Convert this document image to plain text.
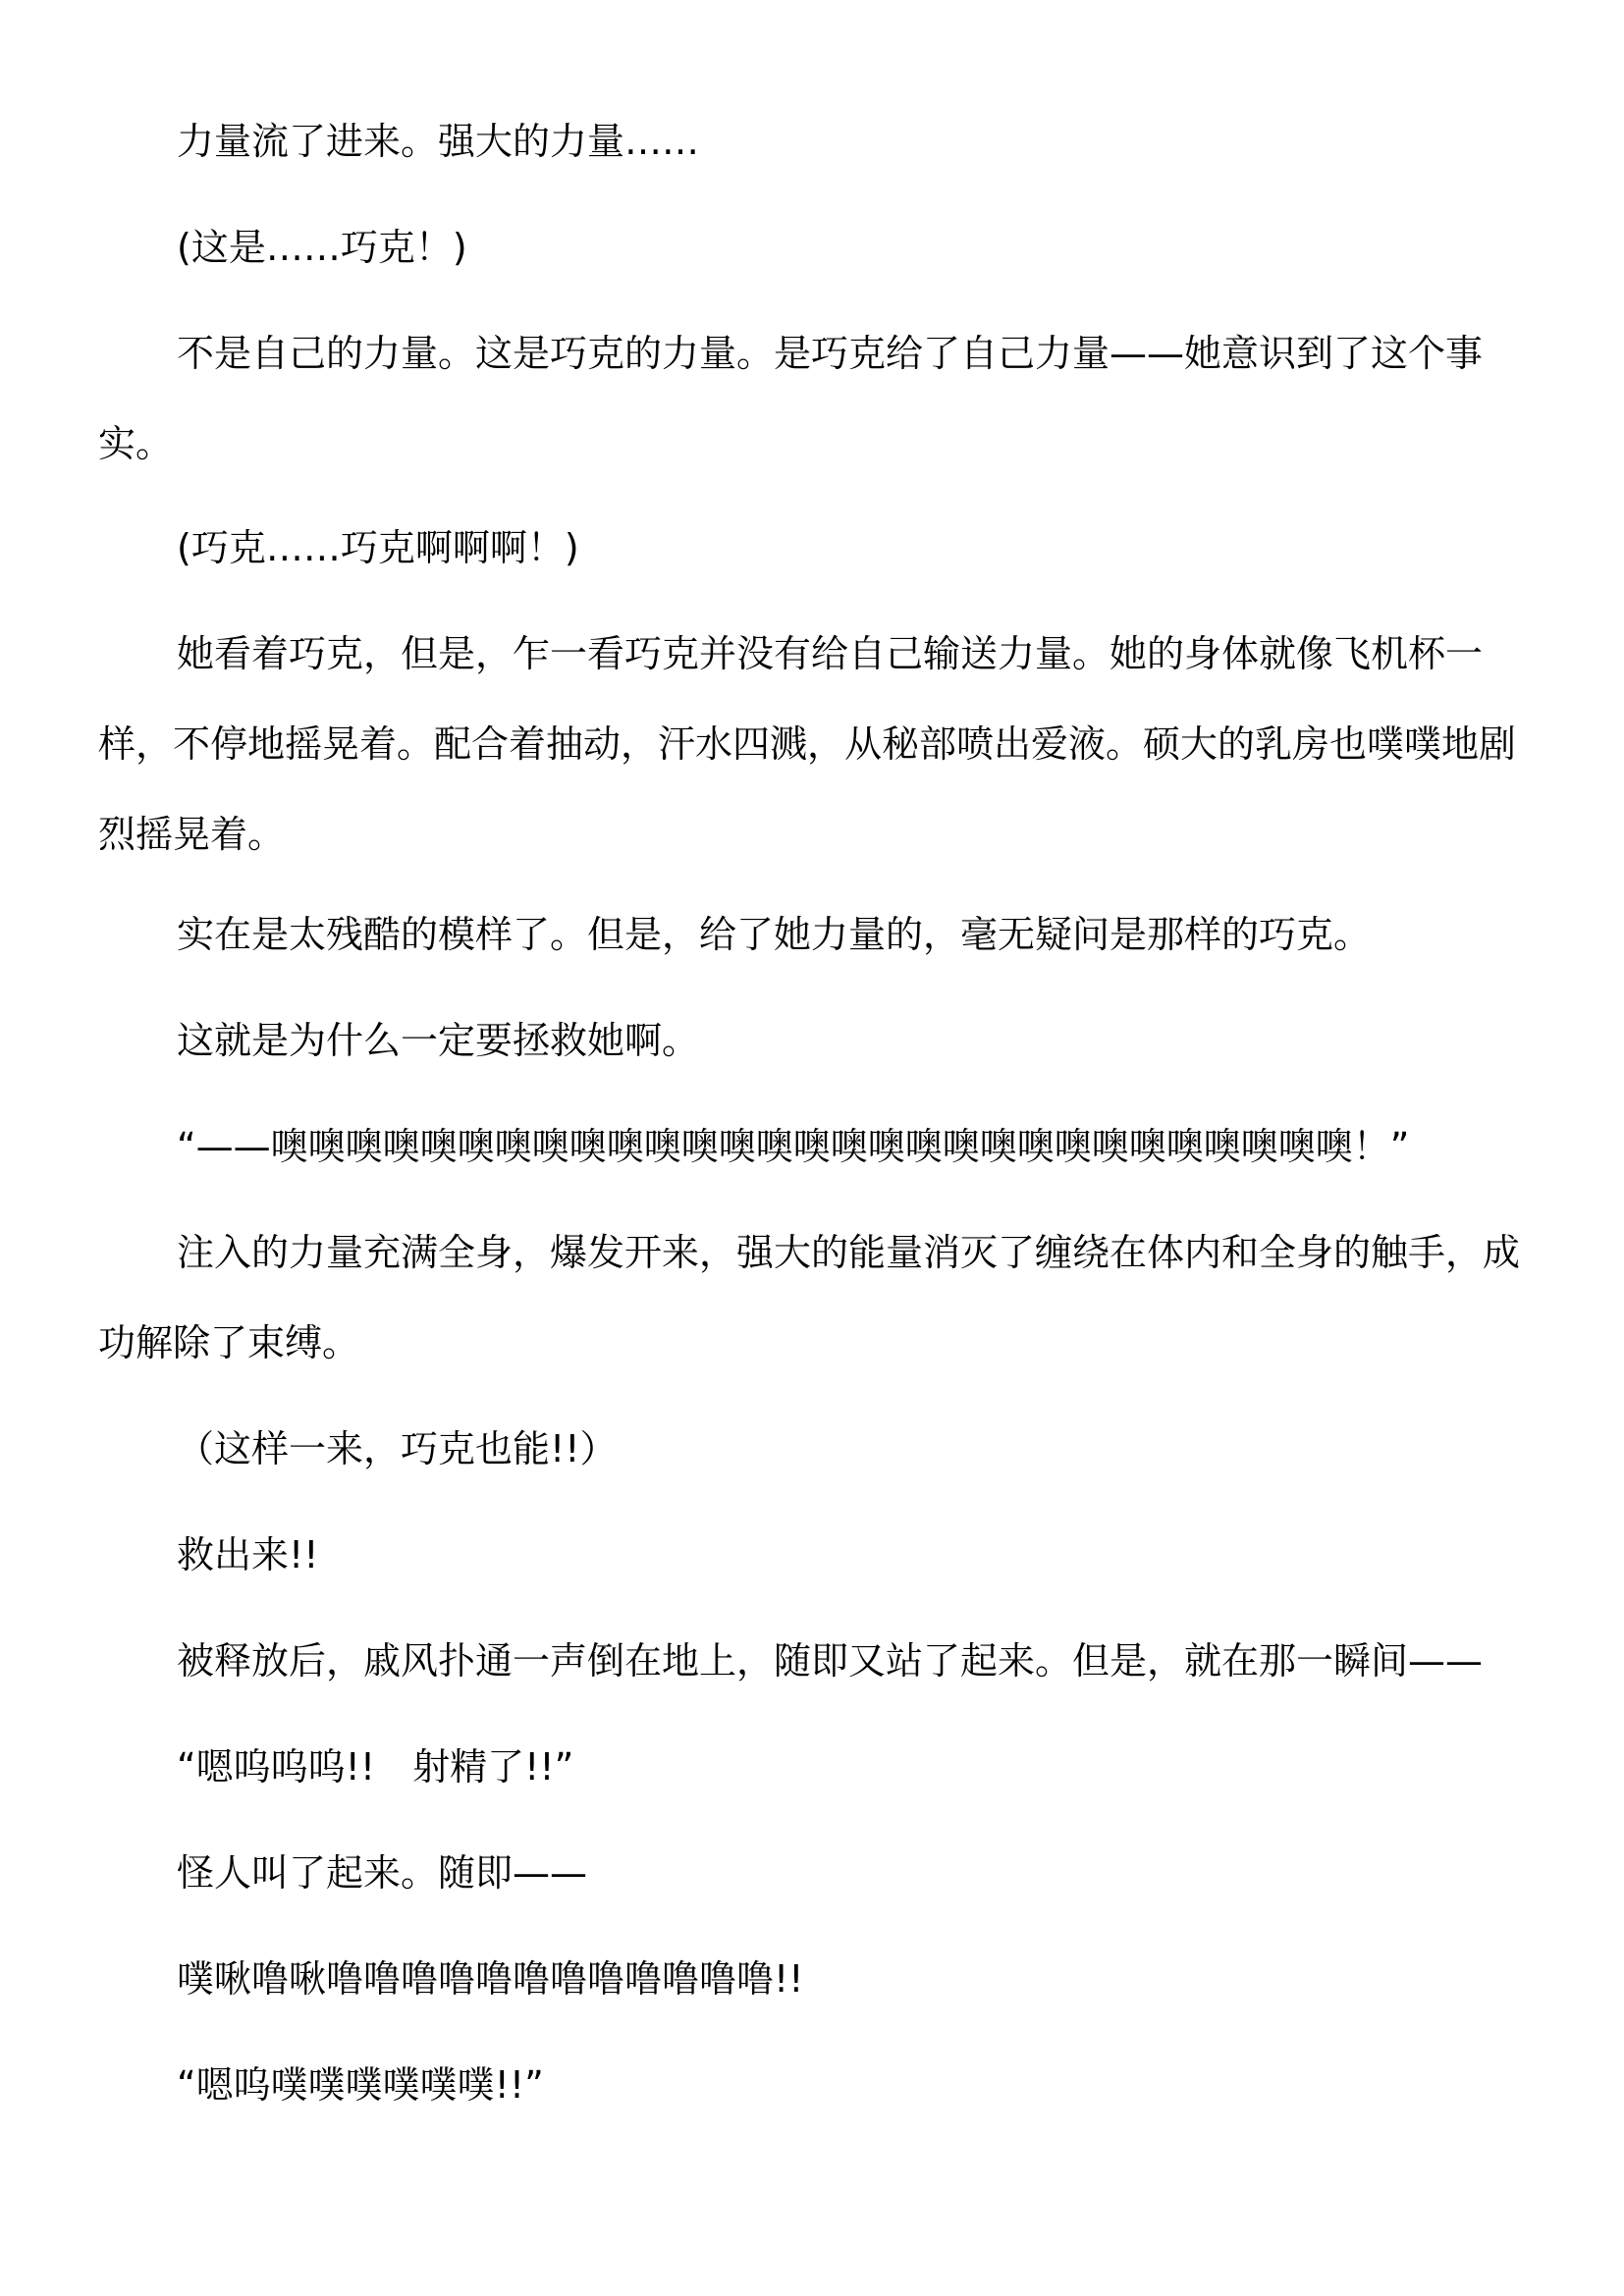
力量流了进来。强大的力量……

(这是……巧克！)

不是自己的力量。这是巧克的力量。是巧克给了自己力量——她意识到了这个事实。

(巧克……巧克啊啊啊！)

她看着巧克，但是，乍一看巧克并没有给自己输送力量。她的身体就像飞机杯一样，不停地摇晃着。配合着抽动，汗水四溅，从秘部喷出爱液。硕大的乳房也噗噗地剧烈摇晃着。

实在是太残酷的模样了。但是，给了她力量的，毫无疑问是那样的巧克。

这就是为什么一定要拯救她啊。

“——噢噢噢噢噢噢噢噢噢噢噢噢噢噢噢噢噢噢噢噢噢噢噢噢噢噢噢噢噢！”

注入的力量充满全身，爆发开来，强大的能量消灭了缠绕在体内和全身的触手，成功解除了束缚。

（这样一来，巧克也能!!）

救出来!!

被释放后，戚风扑通一声倒在地上，随即又站了起来。但是，就在那一瞬间——

“嗯呜呜呜!!　射精了!!”

怪人叫了起来。随即——

噗啾噜啾噜噜噜噜噜噜噜噜噜噜噜噜!!

“嗯呜噗噗噗噗噗噗!!”
